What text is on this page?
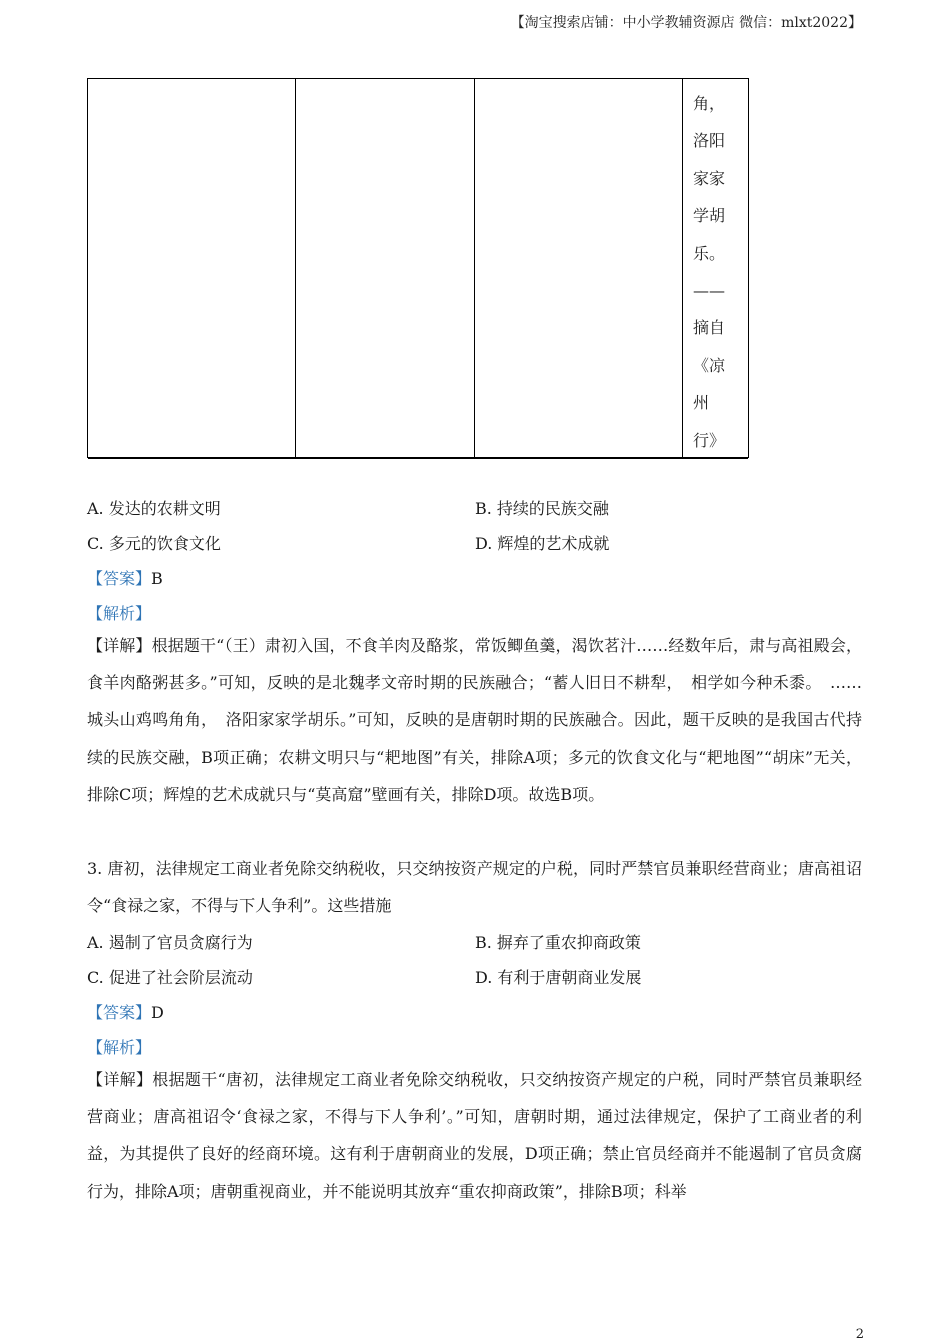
【淘宝搜索店铺：中小学教辅资源店 微信：mlxt2022】
角，
洛阳
家家
学胡
乐。
——
摘自
《凉
州
行》
A. 发达的农耕文明	B. 持续的民族交融
C. 多元的饮食文化	D. 辉煌的艺术成就
【答案】B
【解析】
【详解】根据题干“（王）肃初入国，不食羊肉及酪浆，常饭鲫鱼羹，渴饮茗汁……经数年后，肃与高祖殿会，食羊肉酪粥甚多。”可知，反映的是北魏孝文帝时期的民族融合；“蓄人旧日不耕犁，　相学如今种禾黍。　……　城头山鸡鸣角角，　洛阳家家学胡乐。”可知，反映的是唐朝时期的民族融合。因此，题干反映的是我国古代持续的民族交融，B项正确；农耕文明只与“耙地图”有关，排除A项；多元的饮食文化与“耙地图”“胡床”无关，排除C项；辉煌的艺术成就只与“莫高窟”壁画有关，排除D项。故选B项。
3. 唐初，法律规定工商业者免除交纳税收，只交纳按资产规定的户税，同时严禁官员兼职经营商业；唐高祖诏令“食禄之家，不得与下人争利”。这些措施
A. 遏制了官员贪腐行为	B. 摒弃了重农抑商政策
C. 促进了社会阶层流动	D. 有利于唐朝商业发展
【答案】D
【解析】
【详解】根据题干“唐初，法律规定工商业者免除交纳税收，只交纳按资产规定的户税，同时严禁官员兼职经营商业；唐高祖诏令‘食禄之家，不得与下人争利’。”可知，唐朝时期，通过法律规定，保护了工商业者的利益，为其提供了良好的经商环境。这有利于唐朝商业的发展，D项正确；禁止官员经商并不能遏制了官员贪腐行为，排除A项；唐朝重视商业，并不能说明其放弃“重农抑商政策”，排除B项；科举
2
